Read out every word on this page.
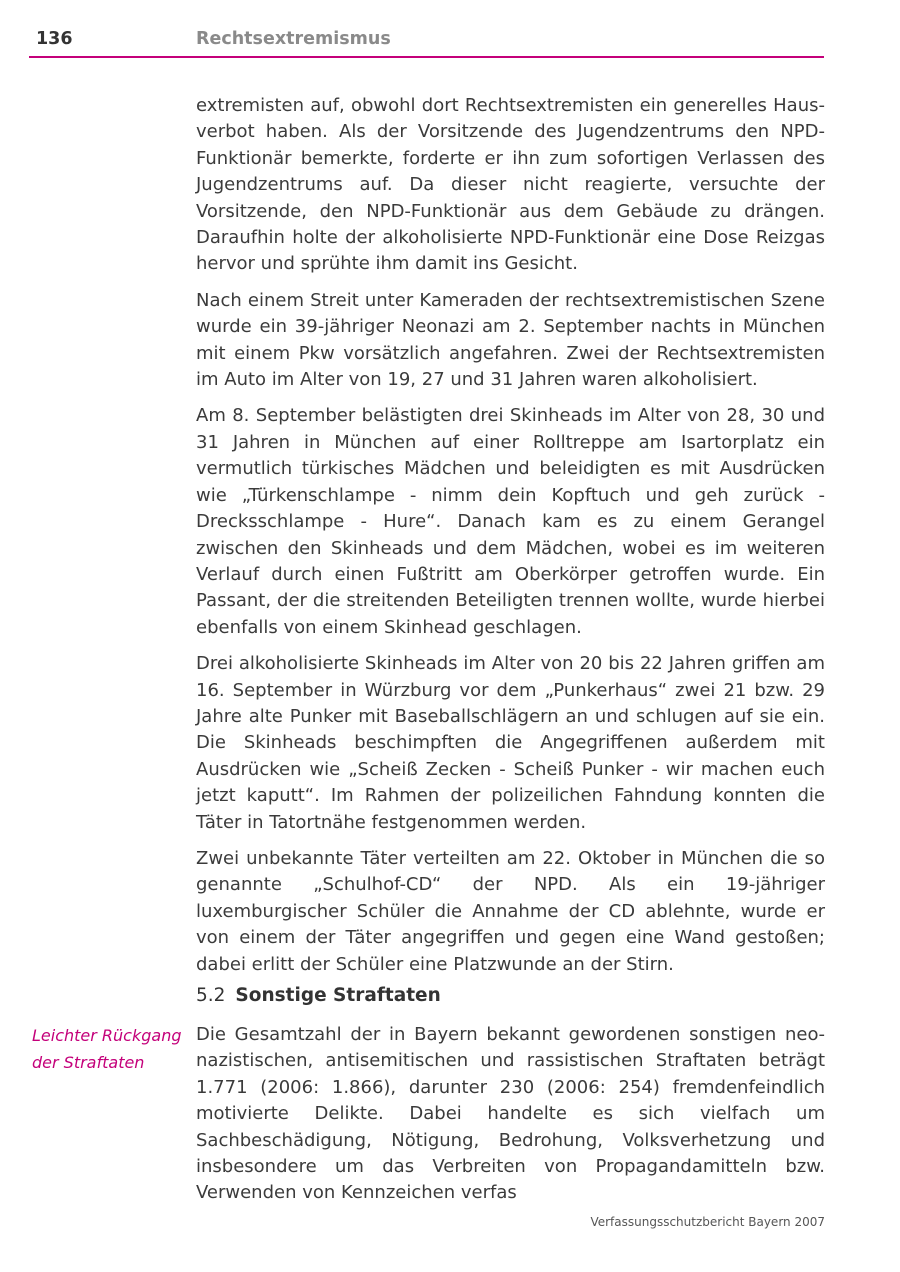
136	Rechtsextremismus

extremisten auf, obwohl dort Rechtsextremisten ein generelles Hausverbot haben. Als der Vorsitzende des Jugendzentrums den NPD-Funktionär bemerkte, forderte er ihn zum sofortigen Verlassen des Jugendzentrums auf. Da dieser nicht reagierte, versuchte der Vorsitzende, den NPD-Funktionär aus dem Gebäude zu drängen. Daraufhin holte der alkoholisierte NPD-Funktionär eine Dose Reizgas hervor und sprühte ihm damit ins Gesicht.

Nach einem Streit unter Kameraden der rechtsextremistischen Szene wurde ein 39-jähriger Neonazi am 2. September nachts in München mit einem Pkw vorsätzlich angefahren. Zwei der Rechtsextremisten im Auto im Alter von 19, 27 und 31 Jahren waren alkoholisiert.

Am 8. September belästigten drei Skinheads im Alter von 28, 30 und 31 Jahren in München auf einer Rolltreppe am Isartorplatz ein vermutlich türkisches Mädchen und beleidigten es mit Ausdrücken wie „Türkenschlampe - nimm dein Kopftuch und geh zurück - Drecksschlampe - Hure“. Danach kam es zu einem Gerangel zwischen den Skinheads und dem Mädchen, wobei es im weiteren Verlauf durch einen Fußtritt am Oberkörper getroffen wurde. Ein Passant, der die streitenden Beteiligten trennen wollte, wurde hierbei ebenfalls von einem Skinhead geschlagen.

Drei alkoholisierte Skinheads im Alter von 20 bis 22 Jahren griffen am 16. September in Würzburg vor dem „Punkerhaus“ zwei 21 bzw. 29 Jahre alte Punker mit Baseballschlägern an und schlugen auf sie ein. Die Skinheads beschimpften die Angegriffenen außerdem mit Ausdrücken wie „Scheiß Zecken - Scheiß Punker - wir machen euch jetzt kaputt“. Im Rahmen der polizeilichen Fahndung konnten die Täter in Tatortnähe festgenommen werden.

Zwei unbekannte Täter verteilten am 22. Oktober in München die so genannte „Schulhof-CD“ der NPD. Als ein 19-jähriger luxemburgischer Schüler die Annahme der CD ablehnte, wurde er von einem der Täter angegriffen und gegen eine Wand gestoßen; dabei erlitt der Schüler eine Platzwunde an der Stirn.

5.2 Sonstige Straftaten
Leichter Rückgang
der Straftaten

Die Gesamtzahl der in Bayern bekannt gewordenen sonstigen neonazistischen, antisemitischen und rassistischen Straftaten beträgt 1.771 (2006: 1.866), darunter 230 (2006: 254) fremdenfeindlich motivierte Delikte. Dabei handelte es sich vielfach um Sachbeschädigung, Nötigung, Bedrohung, Volksverhetzung und insbesondere um das Verbreiten von Propagandamitteln bzw. Verwenden von Kennzeichen verfas

Verfassungsschutzbericht Bayern 2007
